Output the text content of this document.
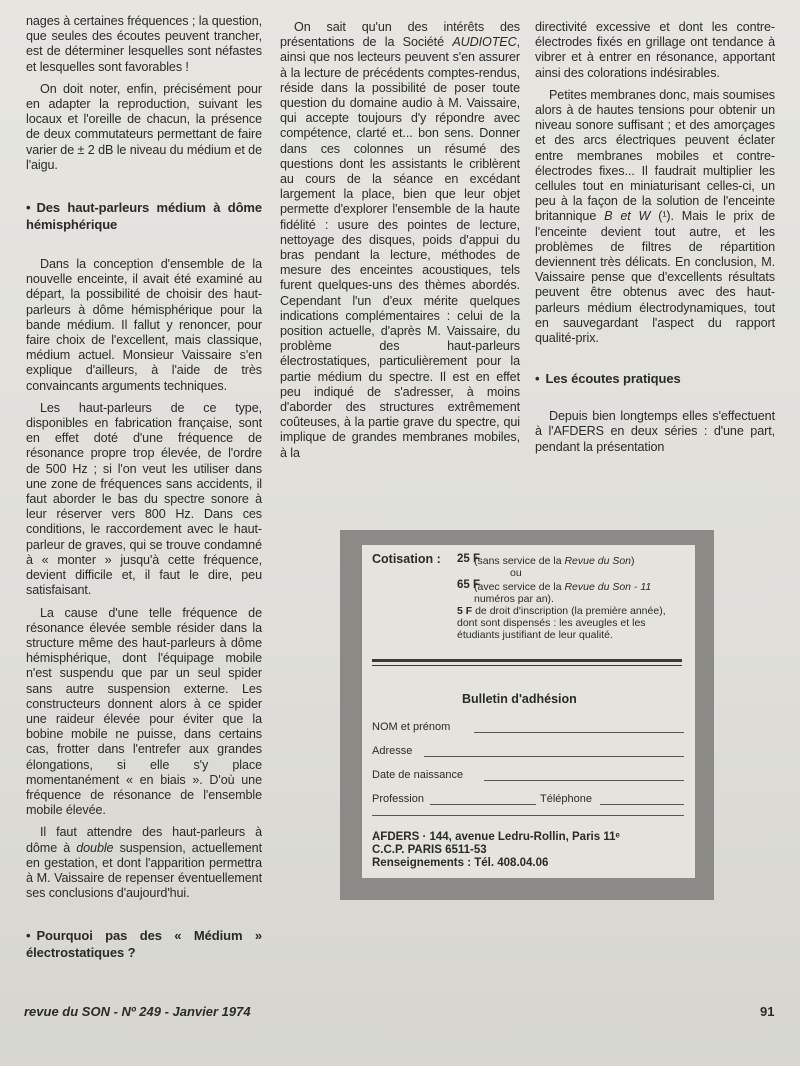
nages à certaines fréquences ; la question, que seules des écoutes peuvent trancher, est de déterminer lesquelles sont néfastes et lesquelles sont favorables !

On doit noter, enfin, précisément pour en adapter la reproduction, suivant les locaux et l'oreille de chacun, la présence de deux commutateurs permettant de faire varier de ± 2 dB le niveau du médium et de l'aigu.

• Des haut-parleurs médium à dôme hémisphérique

Dans la conception d'ensemble de la nouvelle enceinte, il avait été examiné au départ, la possibilité de choisir des haut-parleurs à dôme hémisphérique pour la bande médium. Il fallut y renoncer, pour faire choix de l'excellent, mais classique, médium actuel. Monsieur Vaissaire s'en explique d'ailleurs, à l'aide de très convaincants arguments techniques.

Les haut-parleurs de ce type, disponibles en fabrication française, sont en effet doté d'une fréquence de résonance propre trop élevée, de l'ordre de 500 Hz ; si l'on veut les utiliser dans une zone de fréquences sans accidents, il faut aborder le bas du spectre sonore à leur réserver vers 800 Hz. Dans ces conditions, le raccordement avec le haut-parleur de graves, qui se trouve condamné à « monter » jusqu'à cette fréquence, devient difficile et, il faut le dire, peu satisfaisant.

La cause d'une telle fréquence de résonance élevée semble résider dans la structure même des haut-parleurs à dôme hémisphérique, dont l'équipage mobile n'est suspendu que par un seul spider sans autre suspension externe. Les constructeurs donnent alors à ce spider une raideur élevée pour éviter que la bobine mobile ne puisse, dans certains cas, frotter dans l'entrefer aux grandes élongations, si elle s'y place momentanément « en biais ». D'où une fréquence de résonance de l'ensemble mobile élevée.

Il faut attendre des haut-parleurs à dôme à double suspension, actuellement en gestation, et dont l'apparition permettra à M. Vaissaire de repenser éventuellement ses conclusions d'aujourd'hui.

• Pourquoi pas des « Médium » électrostatiques ?

On sait qu'un des intérêts des présentations de la Société AUDIOTEC, ainsi que nos lecteurs peuvent s'en assurer à la lecture de précédents comptes-rendus, réside dans la possibilité de poser toute question du domaine audio à M. Vaissaire, qui accepte toujours d'y répondre avec compétence, clarté et... bon sens. Donner dans ces colonnes un résumé des questions dont les assistants le criblèrent au cours de la séance en excédant largement la place, bien que leur objet permette d'explorer l'ensemble de la haute fidélité : usure des pointes de lecture, nettoyage des disques, poids d'appui du bras pendant la lecture, méthodes de mesure des enceintes acoustiques, tels furent quelques-uns des thèmes abordés. Cependant l'un d'eux mérite quelques indications complémentaires : celui de la position actuelle, d'après M. Vaissaire, du problème des haut-parleurs électrostatiques, particulièrement pour la partie médium du spectre. Il est en effet peu indiqué de s'adresser, à moins d'aborder des structures extrêmement coûteuses, à la partie grave du spectre, qui implique de grandes membranes mobiles, à la

directivité excessive et dont les contre-électrodes fixés en grillage ont tendance à vibrer et à entrer en résonance, apportant ainsi des colorations indésirables.

Petites membranes donc, mais soumises alors à de hautes tensions pour obtenir un niveau sonore suffisant ; et des amorçages et des arcs électriques peuvent éclater entre membranes mobiles et contre-électrodes fixes... Il faudrait multiplier les cellules tout en miniaturisant celles-ci, un peu à la façon de la solution de l'enceinte britannique B et W (¹). Mais le prix de l'enceinte devient tout autre, et les problèmes de filtres de répartition deviennent très délicats. En conclusion, M. Vaissaire pense que d'excellents résultats peuvent être obtenus avec des haut-parleurs médium électrodynamiques, tout en sauvegardant l'aspect du rapport qualité-prix.

• Les écoutes pratiques

Depuis bien longtemps elles s'effectuent à l'AFDERS en deux séries : d'une part, pendant la présentation

Cotisation : 25 F
(sans service de la Revue du Son)
ou
65 F
(avec service de la Revue du Son - 11 numéros par an).
5 F de droit d'inscription (la première année), dont sont dispensés : les aveugles et les étudiants justifiant de leur qualité.
Bulletin d'adhésion
NOM et prénom
Adresse
Date de naissance
Profession	Téléphone
AFDERS · 144, avenue Ledru-Rollin, Paris 11ᵉ
C.C.P. PARIS 6511-53
Renseignements : Tél. 408.04.06
revue du SON - Nº 249 - Janvier 1974	91
